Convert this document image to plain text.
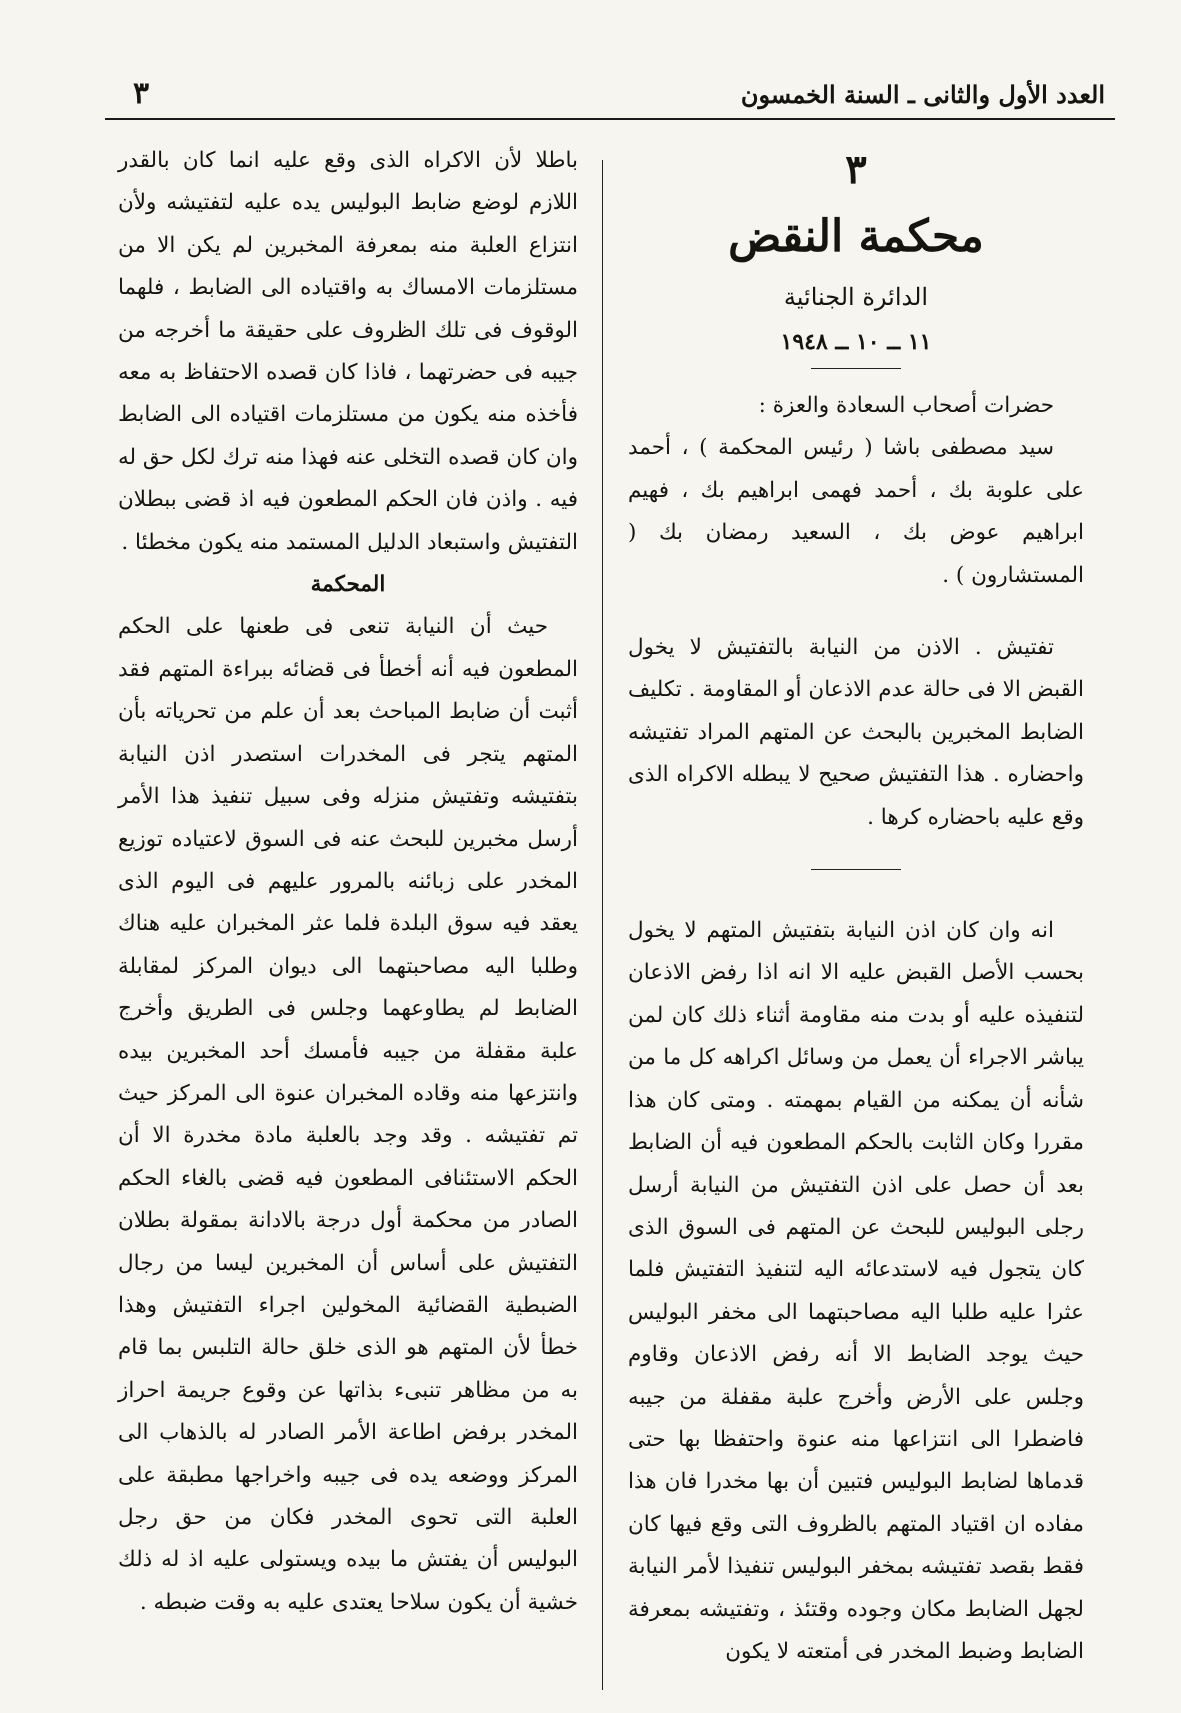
٣	العدد الأول والثانى ـ السنة الخمسون

٣

محكمة النقض

الدائرة الجنائية

١١ ــ ١٠ ــ ١٩٤٨

حضرات أصحاب السعادة والعزة :

سيد مصطفى باشا ( رئيس المحكمة ) ، أحمد على علوبة بك ، أحمد فهمى ابراهيم بك ، فهيم ابراهيم عوض بك ، السعيد رمضان بك ( المستشارون ) .

تفتيش . الاذن من النيابة بالتفتيش لا يخول القبض الا فى حالة عدم الاذعان أو المقاومة . تكليف الضابط المخبرين بالبحث عن المتهم المراد تفتيشه واحضاره . هذا التفتيش صحيح لا يبطله الاكراه الذى وقع عليه باحضاره كرها .

انه وان كان اذن النيابة بتفتيش المتهم لا يخول بحسب الأصل القبض عليه الا انه اذا رفض الاذعان لتنفيذه عليه أو بدت منه مقاومة أثناء ذلك كان لمن يباشر الاجراء أن يعمل من وسائل اكراهه كل ما من شأنه أن يمكنه من القيام بمهمته . ومتى كان هذا مقررا وكان الثابت بالحكم المطعون فيه أن الضابط بعد أن حصل على اذن التفتيش من النيابة أرسل رجلى البوليس للبحث عن المتهم فى السوق الذى كان يتجول فيه لاستدعائه اليه لتنفيذ التفتيش فلما عثرا عليه طلبا اليه مصاحبتهما الى مخفر البوليس حيث يوجد الضابط الا أنه رفض الاذعان وقاوم وجلس على الأرض وأخرج علبة مقفلة من جيبه فاضطرا الى انتزاعها منه عنوة واحتفظا بها حتى قدماها لضابط البوليس فتبين أن بها مخدرا فان هذا مفاده ان اقتياد المتهم بالظروف التى وقع فيها كان فقط بقصد تفتيشه بمخفر البوليس تنفيذا لأمر النيابة لجهل الضابط مكان وجوده وقتئذ ، وتفتيشه بمعرفة الضابط وضبط المخدر فى أمتعته لا يكون

باطلا لأن الاكراه الذى وقع عليه انما كان بالقدر اللازم لوضع ضابط البوليس يده عليه لتفتيشه ولأن انتزاع العلبة منه بمعرفة المخبرين لم يكن الا من مستلزمات الامساك به واقتياده الى الضابط ، فلهما الوقوف فى تلك الظروف على حقيقة ما أخرجه من جيبه فى حضرتهما ، فاذا كان قصده الاحتفاظ به معه فأخذه منه يكون من مستلزمات اقتياده الى الضابط وان كان قصده التخلى عنه فهذا منه ترك لكل حق له فيه . واذن فان الحكم المطعون فيه اذ قضى ببطلان التفتيش واستبعاد الدليل المستمد منه يكون مخطئا .

المحكمة

حيث أن النيابة تنعى فى طعنها على الحكم المطعون فيه أنه أخطأ فى قضائه ببراءة المتهم فقد أثبت أن ضابط المباحث بعد أن علم من تحرياته بأن المتهم يتجر فى المخدرات استصدر اذن النيابة بتفتيشه وتفتيش منزله وفى سبيل تنفيذ هذا الأمر أرسل مخبرين للبحث عنه فى السوق لاعتياده توزيع المخدر على زبائنه بالمرور عليهم فى اليوم الذى يعقد فيه سوق البلدة فلما عثر المخبران عليه هناك وطلبا اليه مصاحبتهما الى ديوان المركز لمقابلة الضابط لم يطاوعهما وجلس فى الطريق وأخرج علبة مقفلة من جيبه فأمسك أحد المخبرين بيده وانتزعها منه وقاده المخبران عنوة الى المركز حيث تم تفتيشه . وقد وجد بالعلبة مادة مخدرة الا أن الحكم الاستئنافى المطعون فيه قضى بالغاء الحكم الصادر من محكمة أول درجة بالادانة بمقولة بطلان التفتيش على أساس أن المخبرين ليسا من رجال الضبطية القضائية المخولين اجراء التفتيش وهذا خطأ لأن المتهم هو الذى خلق حالة التلبس بما قام به من مظاهر تنبىء بذاتها عن وقوع جريمة احراز المخدر برفض اطاعة الأمر الصادر له بالذهاب الى المركز ووضعه يده فى جيبه واخراجها مطبقة على العلبة التى تحوى المخدر فكان من حق رجل البوليس أن يفتش ما بيده ويستولى عليه اذ له ذلك خشية أن يكون سلاحا يعتدى عليه به وقت ضبطه .
